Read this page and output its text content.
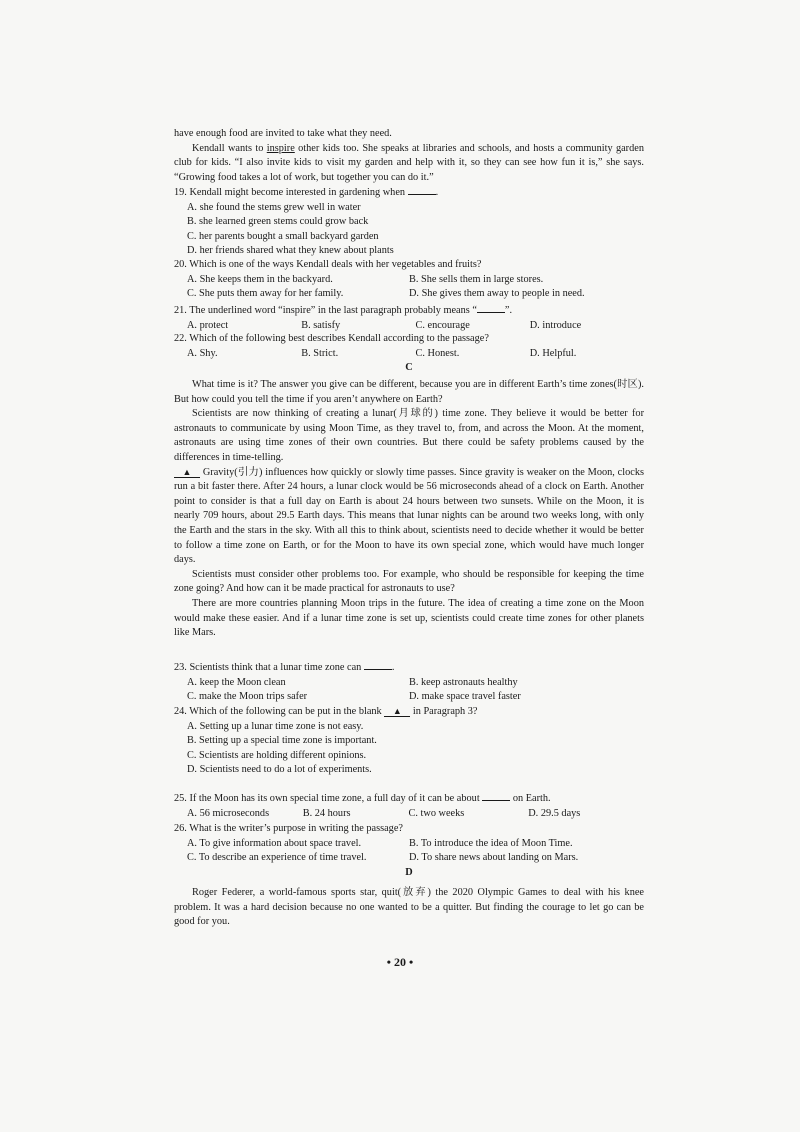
have enough food are invited to take what they need.

Kendall wants to inspire other kids too. She speaks at libraries and schools, and hosts a community garden club for kids. “I also invite kids to visit my garden and help with it, so they can see how fun it is,” she says. “Growing food takes a lot of work, but together you can do it.”

19. Kendall might become interested in gardening when	.

A. she found the stems grew well in water

B. she learned green stems could grow back

C. her parents bought a small backyard garden

D. her friends shared what they knew about plants

20. Which is one of the ways Kendall deals with her vegetables and fruits?

A. She keeps them in the backyard.	B. She sells them in large stores.
C. She puts them away for her family.	D. She gives them away to people in need.

21. The underlined word “inspire” in the last paragraph probably means “	”.

A. protect	B. satisfy	C. encourage	D. introduce

22. Which of the following best describes Kendall according to the passage?

A. Shy.	B. Strict.	C. Honest.	D. Helpful.

C

What time is it? The answer you give can be different, because you are in different Earth’s time zones(时区). But how could you tell the time if you aren’t anywhere on Earth?

Scientists are now thinking of creating a lunar(月球的) time zone. They believe it would be better for astronauts to communicate by using Moon Time, as they travel to, from, and across the Moon. At the moment, astronauts are using time zones of their own countries. But there could be safety problems caused by the differences in time-telling.

▲ Gravity(引力) influences how quickly or slowly time passes. Since gravity is weaker on the Moon, clocks run a bit faster there. After 24 hours, a lunar clock would be 56 microseconds ahead of a clock on Earth. Another point to consider is that a full day on Earth is about 24 hours between two sunsets. While on the Moon, it is nearly 709 hours, about 29.5 Earth days. This means that lunar nights can be around two weeks long, with only the Earth and the stars in the sky. With all this to think about, scientists need to decide whether it would be better to follow a time zone on Earth, or for the Moon to have its own special zone, which would have much longer days.

Scientists must consider other problems too. For example, who should be responsible for keeping the time zone going? And how can it be made practical for astronauts to use?

There are more countries planning Moon trips in the future. The idea of creating a time zone on the Moon would make these easier. And if a lunar time zone is set up, scientists could create time zones for other planets like Mars.

23. Scientists think that a lunar time zone can	.

A. keep the Moon clean	B. keep astronauts healthy
C. make the Moon trips safer	D. make space travel faster

24. Which of the following can be put in the blank ▲ in Paragraph 3?

A. Setting up a lunar time zone is not easy.

B. Setting up a special time zone is important.

C. Scientists are holding different opinions.

D. Scientists need to do a lot of experiments.

25. If the Moon has its own special time zone, a full day of it can be about	on Earth.

A. 56 microseconds	B. 24 hours	C. two weeks	D. 29.5 days

26. What is the writer’s purpose in writing the passage?

A. To give information about space travel.	B. To introduce the idea of Moon Time.
C. To describe an experience of time travel.	D. To share news about landing on Mars.

D

Roger Federer, a world-famous sports star, quit(放弃) the 2020 Olympic Games to deal with his knee problem. It was a hard decision because no one wanted to be a quitter. But finding the courage to let go can be good for you.

• 20 •
